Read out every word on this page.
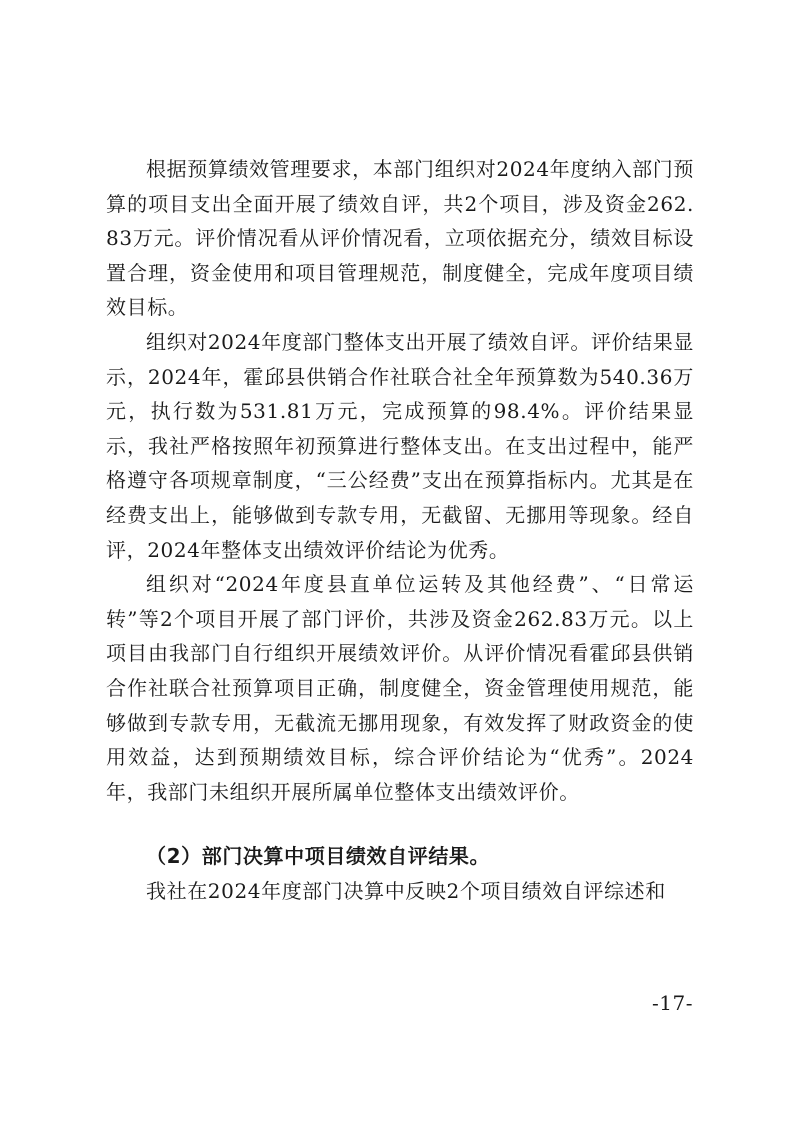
根据预算绩效管理要求，本部门组织对2024年度纳入部门预算的项目支出全面开展了绩效自评，共2个项目，涉及资金262.83万元。评价情况看从评价情况看，立项依据充分，绩效目标设置合理，资金使用和项目管理规范，制度健全，完成年度项目绩效目标。

组织对2024年度部门整体支出开展了绩效自评。评价结果显示，2024年，霍邱县供销合作社联合社全年预算数为540.36万元，执行数为531.81万元，完成预算的98.4%。评价结果显示，我社严格按照年初预算进行整体支出。在支出过程中，能严格遵守各项规章制度，“三公经费”支出在预算指标内。尤其是在经费支出上，能够做到专款专用，无截留、无挪用等现象。经自评，2024年整体支出绩效评价结论为优秀。

组织对“2024年度县直单位运转及其他经费”、“日常运转”等2个项目开展了部门评价，共涉及资金262.83万元。以上项目由我部门自行组织开展绩效评价。从评价情况看霍邱县供销合作社联合社预算项目正确，制度健全，资金管理使用规范，能够做到专款专用，无截流无挪用现象，有效发挥了财政资金的使用效益，达到预期绩效目标，综合评价结论为“优秀”。2024年，我部门未组织开展所属单位整体支出绩效评价。

（2）部门决算中项目绩效自评结果。

我社在2024年度部门决算中反映2个项目绩效自评综述和

-17-
